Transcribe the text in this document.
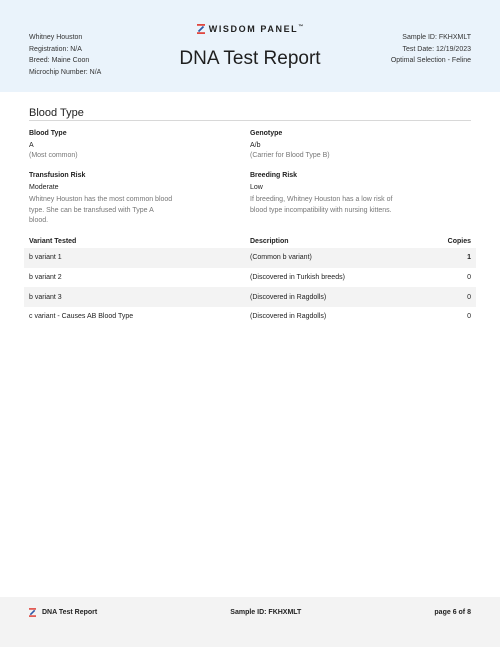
Whitney Houston
Registration: N/A
Breed: Maine Coon
Microchip Number: N/A
WISDOM PANEL™
DNA Test Report
Sample ID: FKHXMLT
Test Date: 12/19/2023
Optimal Selection - Feline
Blood Type
Blood Type
A
(Most common)
Genotype
A/b
(Carrier for Blood Type B)
Transfusion Risk
Moderate
Whitney Houston has the most common blood type. She can be transfused with Type A blood.
Breeding Risk
Low
If breeding, Whitney Houston has a low risk of blood type incompatibility with nursing kittens.
Variant Tested	Description	Copies
b variant 1	(Common b variant)	1
b variant 2	(Discovered in Turkish breeds)	0
b variant 3	(Discovered in Ragdolls)	0
c variant - Causes AB Blood Type	(Discovered in Ragdolls)	0
DNA Test Report	Sample ID: FKHXMLT	page 6 of 8
